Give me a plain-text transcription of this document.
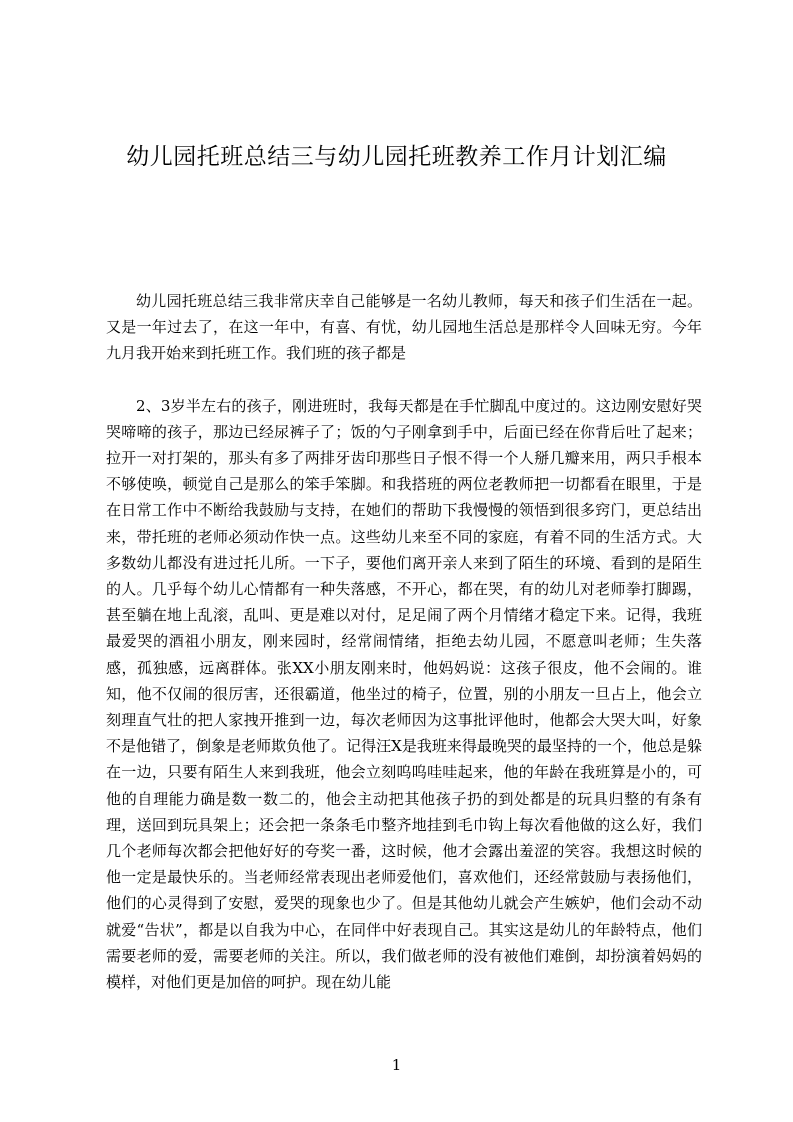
幼儿园托班总结三与幼儿园托班教养工作月计划汇编

幼儿园托班总结三我非常庆幸自己能够是一名幼儿教师，每天和孩子们生活在一起。又是一年过去了，在这一年中，有喜、有忧，幼儿园地生活总是那样令人回味无穷。今年九月我开始来到托班工作。我们班的孩子都是

2、3岁半左右的孩子，刚进班时，我每天都是在手忙脚乱中度过的。这边刚安慰好哭哭啼啼的孩子，那边已经尿裤子了；饭的勺子刚拿到手中，后面已经在你背后吐了起来；拉开一对打架的，那头有多了两排牙齿印那些日子恨不得一个人掰几瓣来用，两只手根本不够使唤，顿觉自己是那么的笨手笨脚。和我搭班的两位老教师把一切都看在眼里，于是在日常工作中不断给我鼓励与支持，在她们的帮助下我慢慢的领悟到很多窍门，更总结出来，带托班的老师必须动作快一点。这些幼儿来至不同的家庭，有着不同的生活方式。大多数幼儿都没有进过托儿所。一下子，要他们离开亲人来到了陌生的环境、看到的是陌生的人。几乎每个幼儿心情都有一种失落感，不开心，都在哭，有的幼儿对老师拳打脚踢，甚至躺在地上乱滚，乱叫、更是难以对付，足足闹了两个月情绪才稳定下来。记得，我班最爱哭的酒祖小朋友，刚来园时，经常闹情绪，拒绝去幼儿园，不愿意叫老师；生失落感，孤独感，远离群体。张XX小朋友刚来时，他妈妈说：这孩子很皮，他不会闹的。谁知，他不仅闹的很厉害，还很霸道，他坐过的椅子，位置，别的小朋友一旦占上，他会立刻理直气壮的把人家拽开推到一边，每次老师因为这事批评他时，他都会大哭大叫，好象不是他错了，倒象是老师欺负他了。记得汪X是我班来得最晚哭的最坚持的一个，他总是躲在一边，只要有陌生人来到我班，他会立刻呜呜哇哇起来，他的年龄在我班算是小的，可他的自理能力确是数一数二的，他会主动把其他孩子扔的到处都是的玩具归整的有条有理，送回到玩具架上；还会把一条条毛巾整齐地挂到毛巾钩上每次看他做的这么好，我们几个老师每次都会把他好好的夸奖一番，这时候，他才会露出羞涩的笑容。我想这时候的他一定是最快乐的。当老师经常表现出老师爱他们，喜欢他们，还经常鼓励与表扬他们，他们的心灵得到了安慰，爱哭的现象也少了。但是其他幼儿就会产生嫉妒，他们会动不动就爱“告状”，都是以自我为中心，在同伴中好表现自己。其实这是幼儿的年龄特点，他们需要老师的爱，需要老师的关注。所以，我们做老师的没有被他们难倒，却扮演着妈妈的模样，对他们更是加倍的呵护。现在幼儿能

1
